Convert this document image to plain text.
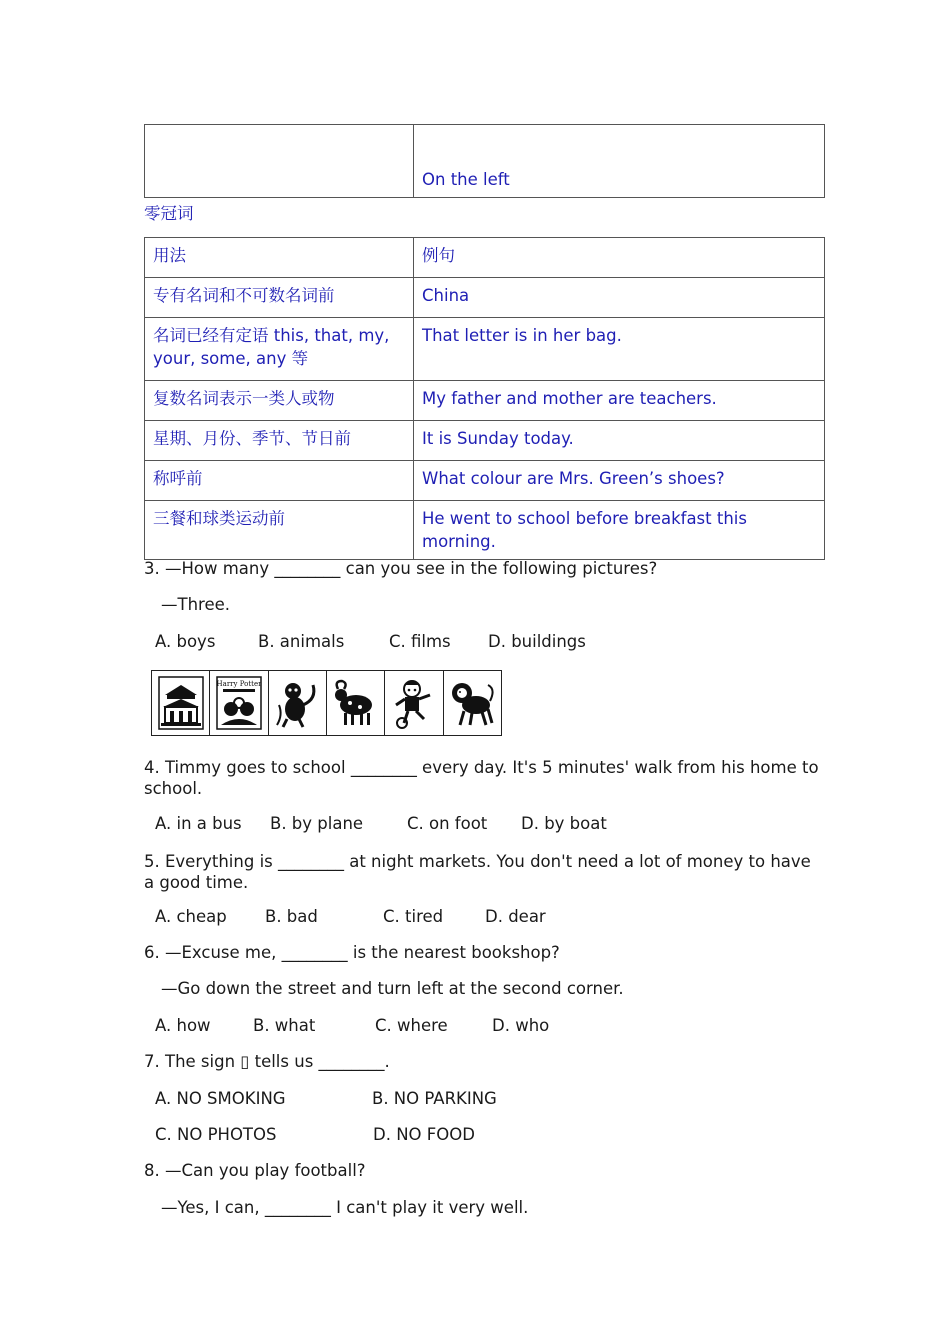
	On the left
零冠词
用法	例句
专有名词和不可数名词前	China
名词已经有定语 this, that, my, your, some, any 等	That letter is in her bag.
复数名词表示一类人或物	My father and mother are teachers.
星期、月份、季节、节日前	It is Sunday today.
称呼前	What colour are Mrs. Green’s shoes?
三餐和球类运动前	He went to school before breakfast this morning.
3. —How many ________ can you see in the following pictures?
—Three.
A. boys	B. animals	C. films D. buildings
Harry Potter
4. Timmy goes to school ________ every day. It's 5 minutes' walk from his home to school.
A. in a bus B. by plane	C. on foot D. by boat
5. Everything is ________ at night markets. You don't need a lot of money to have a good time.
A. cheap B. bad	C. tired	D. dear
6. —Excuse me, ________ is the nearest bookshop?
—Go down the street and turn left at the second corner.
A. how	B. what	C. where	D. who
7. The sign ▯ tells us ________.
A. NO SMOKING	B. NO PARKING
C. NO PHOTOS	D. NO FOOD
8. —Can you play football?
—Yes, I can, ________ I can't play it very well.
